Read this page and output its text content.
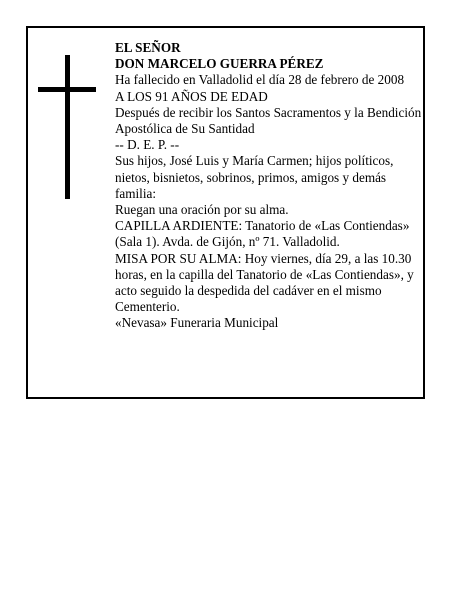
EL SEÑOR

DON MARCELO GUERRA PÉREZ

Ha fallecido en Valladolid el día 28 de febrero de 2008

A LOS 91 AÑOS DE EDAD

Después de recibir los Santos Sacramentos y la Bendición Apostólica de Su Santidad

-- D. E. P. --

Sus hijos, José Luis y María Carmen; hijos políticos, nietos, bisnietos, sobrinos, primos, amigos y demás familia:

Ruegan una oración por su alma.

CAPILLA ARDIENTE: Tanatorio de «Las Contiendas» (Sala 1). Avda. de Gijón, nº 71. Valladolid.

MISA POR SU ALMA: Hoy viernes, día 29, a las 10.30 horas, en la capilla del Tanatorio de «Las Contiendas», y acto seguido la despedida del cadáver en el mismo Cementerio.

«Nevasa» Funeraria Municipal
